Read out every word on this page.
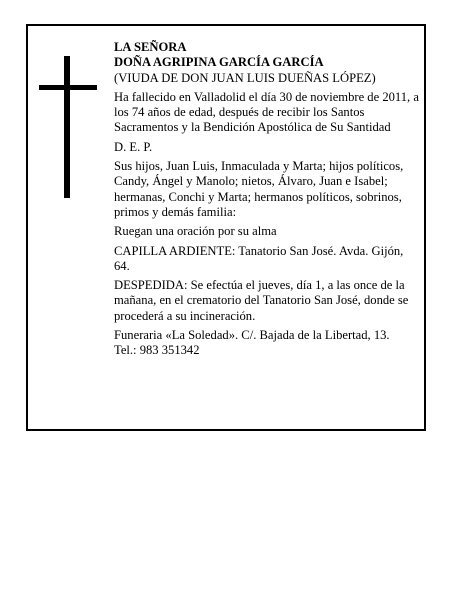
LA SEÑORA
DOÑA AGRIPINA GARCÍA GARCÍA
(VIUDA DE DON JUAN LUIS DUEÑAS LÓPEZ)
Ha fallecido en Valladolid el día 30 de noviembre de 2011, a los 74 años de edad, después de recibir los Santos Sacramentos y la Bendición Apostólica de Su Santidad
D. E. P.
Sus hijos, Juan Luis, Inmaculada y Marta; hijos políticos, Candy, Ángel y Manolo; nietos, Álvaro, Juan e Isabel; hermanas, Conchi y Marta; hermanos políticos, sobrinos, primos y demás familia:
Ruegan una oración por su alma
CAPILLA ARDIENTE: Tanatorio San José. Avda. Gijón, 64.
DESPEDIDA: Se efectúa el jueves, día 1, a las once de la mañana, en el crematorio del Tanatorio San José, donde se procederá a su incineración.
Funeraria «La Soledad». C/. Bajada de la Libertad, 13.
Tel.: 983 351342
